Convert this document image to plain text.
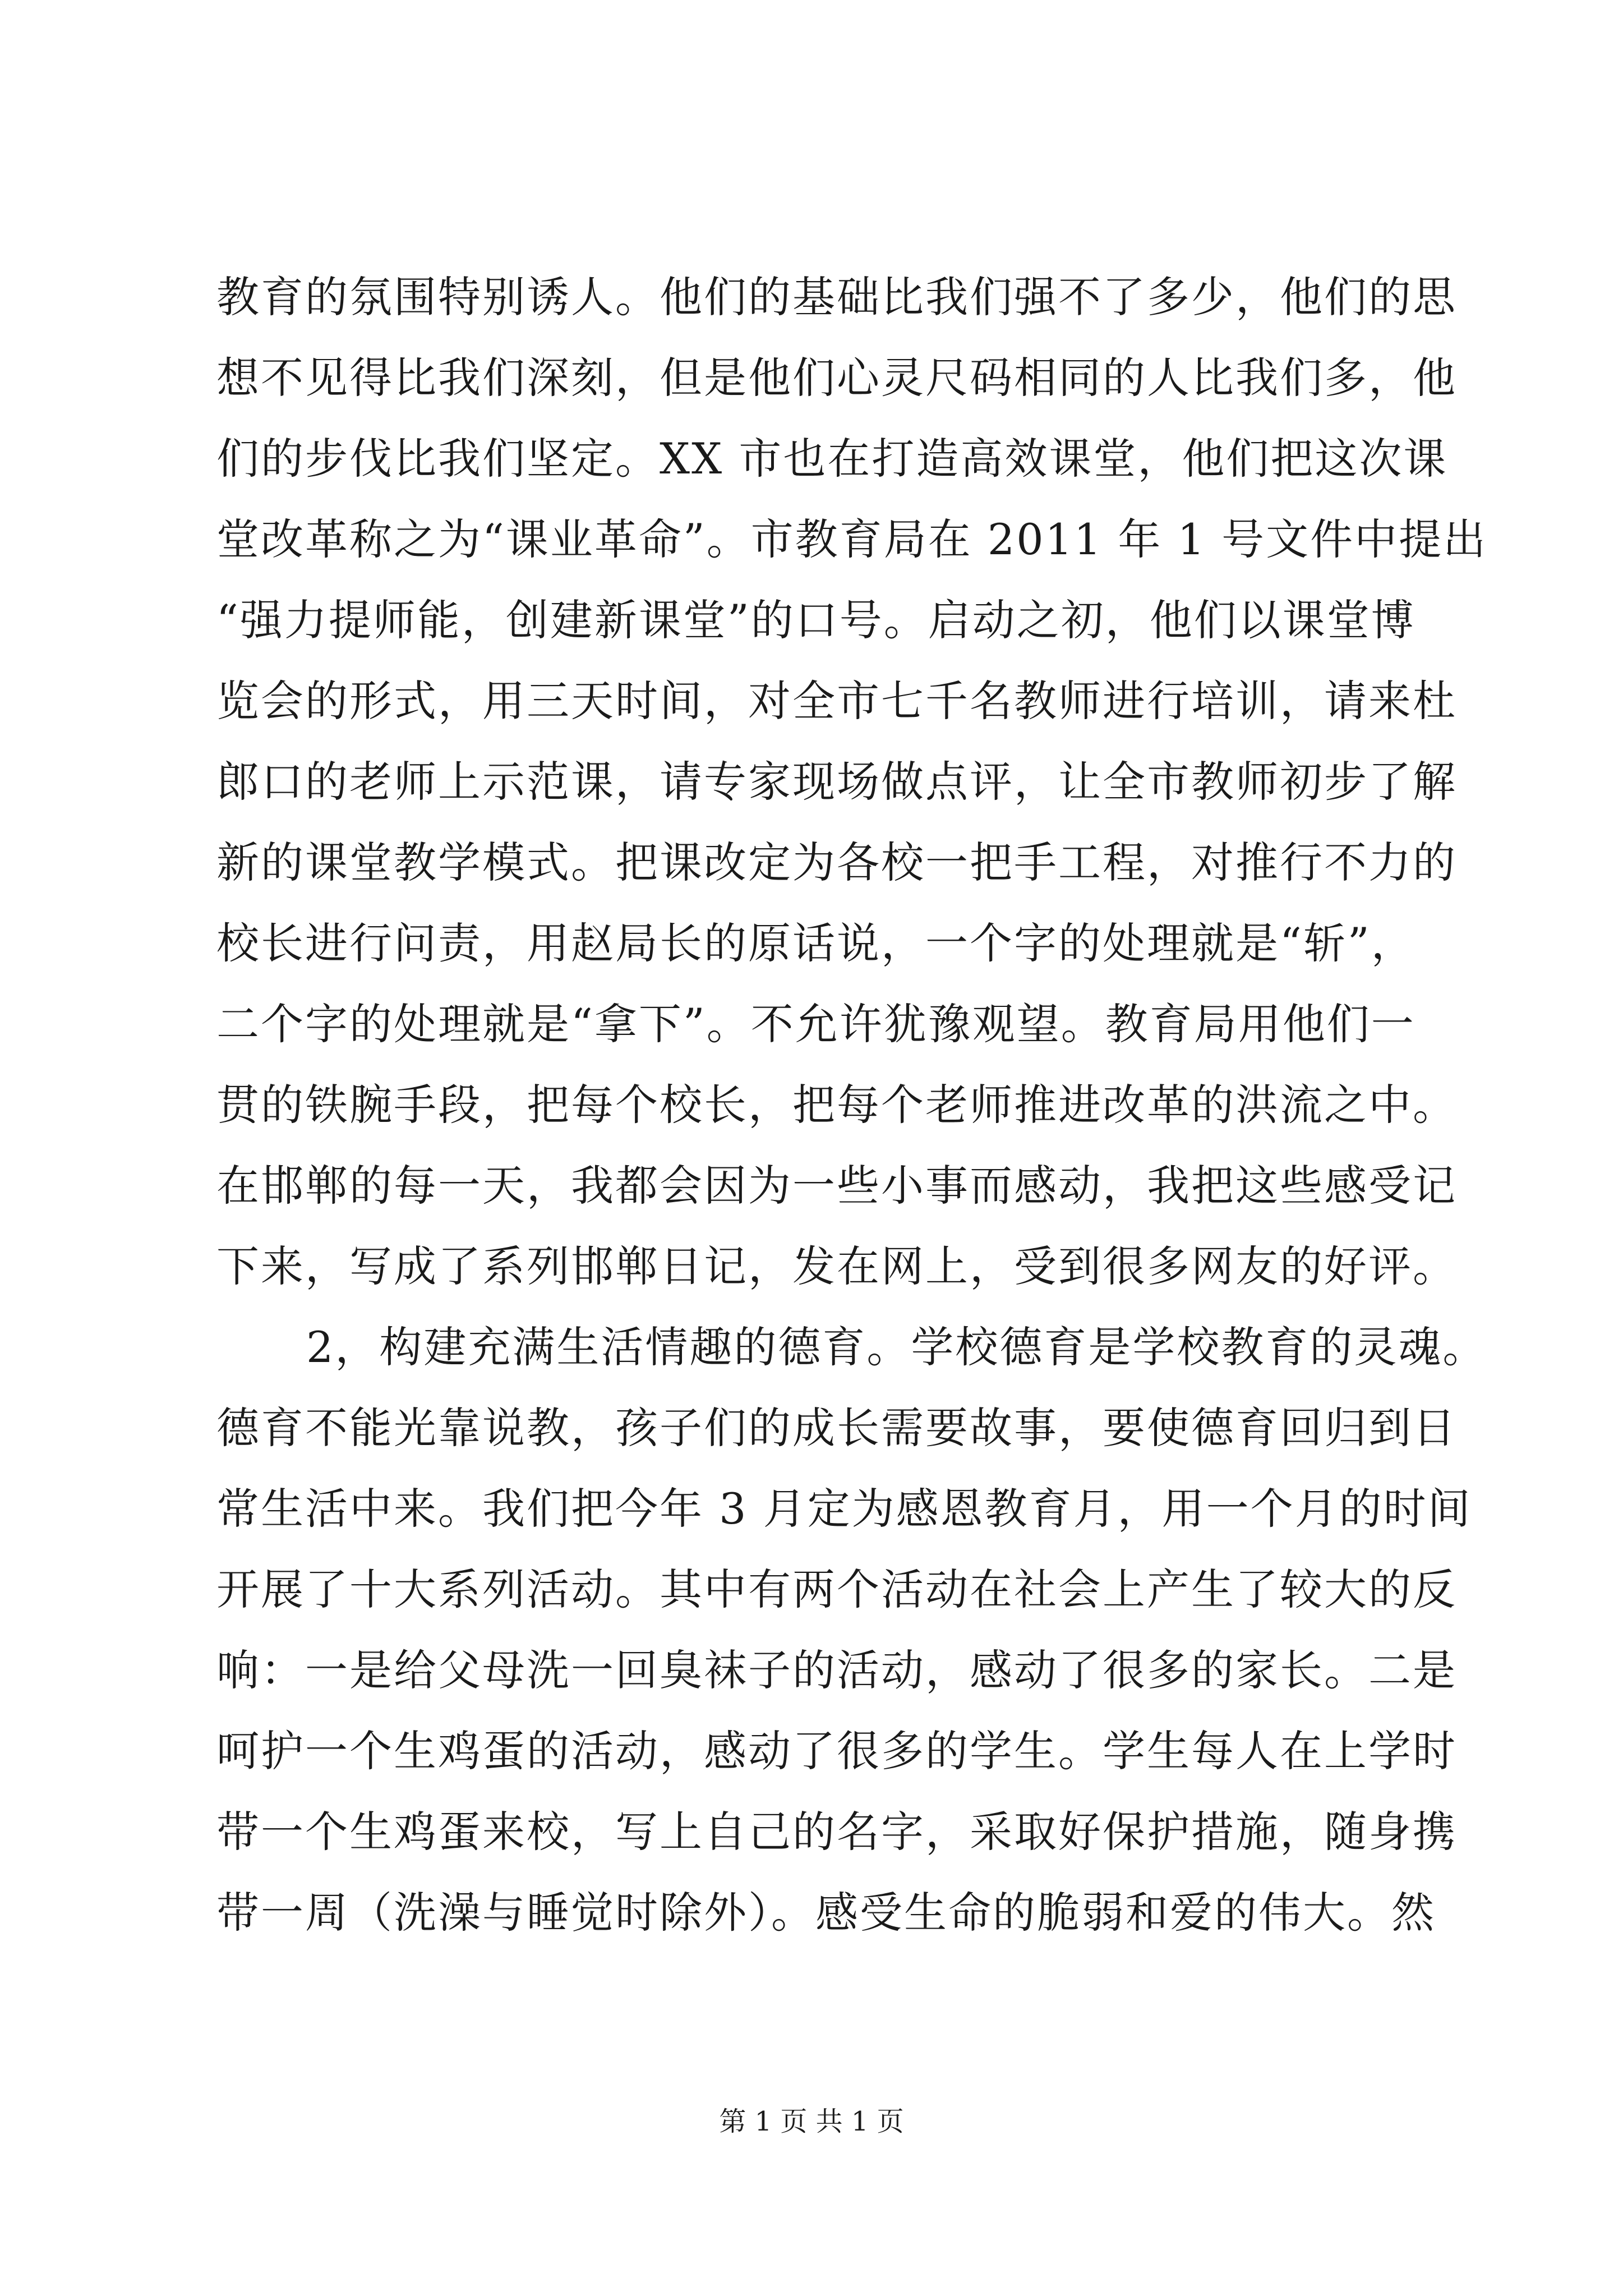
教育的氛围特别诱人。他们的基础比我们强不了多少，他们的思
想不见得比我们深刻，但是他们心灵尺码相同的人比我们多，他
们的步伐比我们坚定。XX 市也在打造高效课堂，他们把这次课
堂改革称之为“课业革命”。市教育局在 2011 年 1 号文件中提出
“强力提师能，创建新课堂”的口号。启动之初，他们以课堂博
览会的形式，用三天时间，对全市七千名教师进行培训，请来杜
郎口的老师上示范课，请专家现场做点评，让全市教师初步了解
新的课堂教学模式。把课改定为各校一把手工程，对推行不力的
校长进行问责，用赵局长的原话说，一个字的处理就是“斩”，
二个字的处理就是“拿下”。不允许犹豫观望。教育局用他们一
贯的铁腕手段，把每个校长，把每个老师推进改革的洪流之中。
在邯郸的每一天，我都会因为一些小事而感动，我把这些感受记
下来，写成了系列邯郸日记，发在网上，受到很多网友的好评。
2，构建充满生活情趣的德育。学校德育是学校教育的灵魂。
德育不能光靠说教，孩子们的成长需要故事，要使德育回归到日
常生活中来。我们把今年 3 月定为感恩教育月，用一个月的时间
开展了十大系列活动。其中有两个活动在社会上产生了较大的反
响：一是给父母洗一回臭袜子的活动，感动了很多的家长。二是
呵护一个生鸡蛋的活动，感动了很多的学生。学生每人在上学时
带一个生鸡蛋来校，写上自己的名字，采取好保护措施，随身携
带一周（洗澡与睡觉时除外）。感受生命的脆弱和爱的伟大。然
第 1 页 共 1 页
